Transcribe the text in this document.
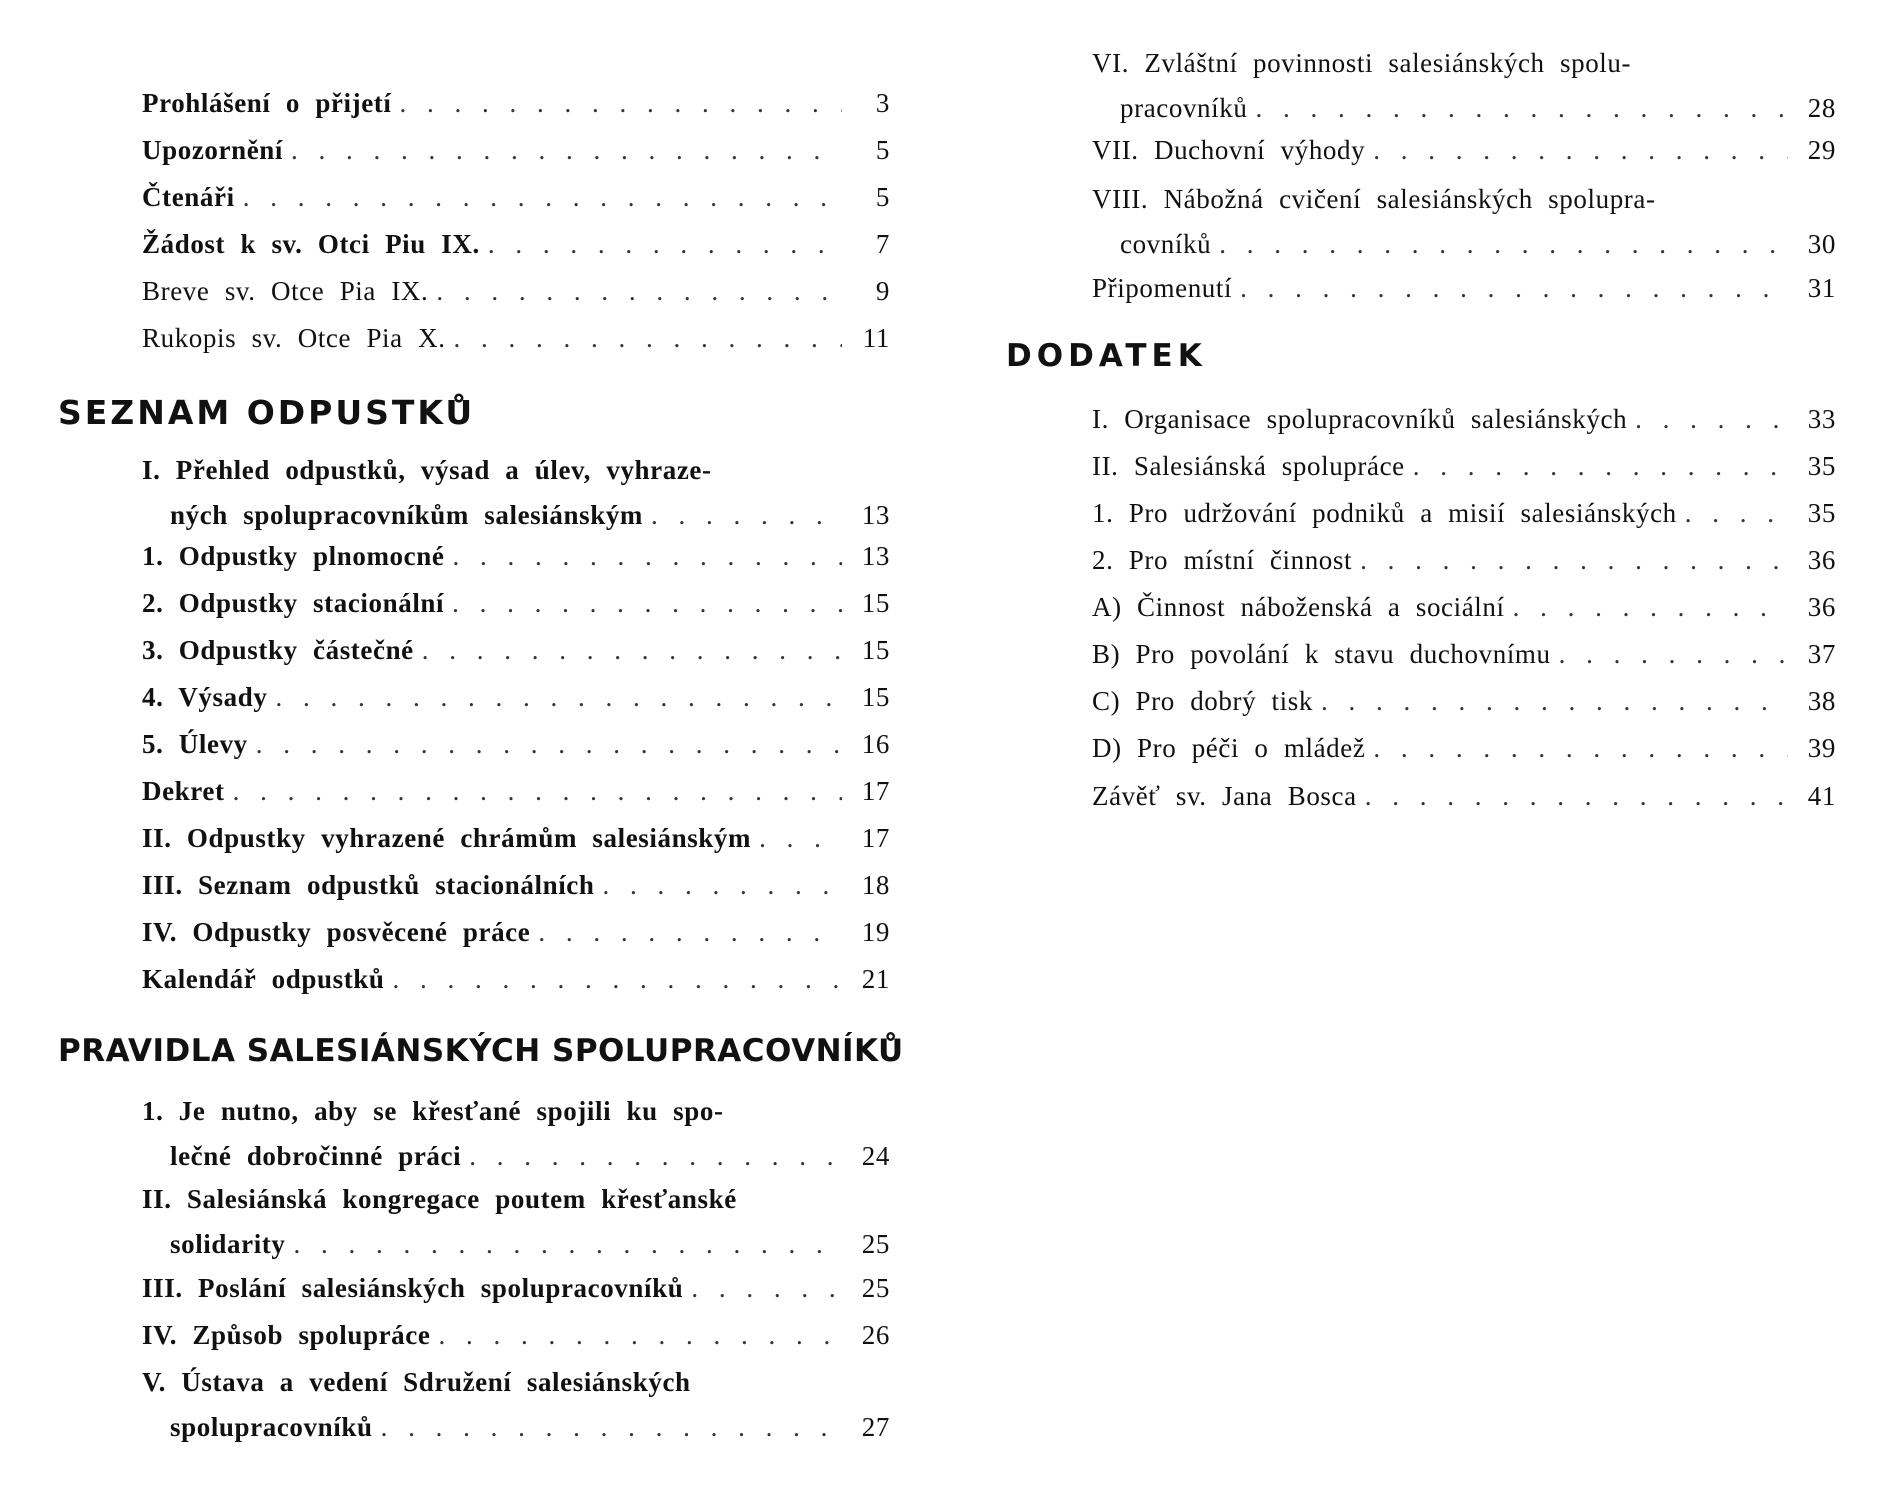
Prohlášení o přijetí . . .	3
Upozornění . . .	5
Čtenáři . . .	5
Žádost k sv. Otci Piu IX. . . .	7
Breve sv. Otce Pia IX. . . .	9
Rukopis sv. Otce Pia X. . . .	11
SEZNAM ODPUSTKŮ
I. Přehled odpustků, výsad a úlev, vyhraze-
ných spolupracovníkům salesiánským . . .	13
1. Odpustky plnomocné . . .	13
2. Odpustky stacionální . . .	15
3. Odpustky částečné . . .	15
4. Výsady . . .	15
5. Úlevy . . .	16
Dekret . . .	17
II. Odpustky vyhrazené chrámům salesiánským . . .	17
III. Seznam odpustků stacionálních . . .	18
IV. Odpustky posvěcené práce . . .	19
Kalendář odpustků . . .	21
PRAVIDLA SALESIÁNSKÝCH SPOLUPRACOVNÍKŮ
1. Je nutno, aby se křesťané spojili ku spo-
lečné dobročinné práci . . .	24
II. Salesiánská kongregace poutem křesťanské
solidarity . . .	25
III. Poslání salesiánských spolupracovníků . . .	25
IV. Způsob spolupráce . . .	26
V. Ústava a vedení Sdružení salesiánských
spolupracovníků . . .	27
VI. Zvláštní povinnosti salesiánských spolu-
pracovníků . . .	28
VII. Duchovní výhody . . .	29
VIII. Nábožná cvičení salesiánských spolupra-
covníků . . .	30
Připomenutí . . .	31
DODATEK
I. Organisace spolupracovníků salesiánských . . .	33
II. Salesiánská spolupráce . . .	35
1. Pro udržování podniků a misií salesiánských . . .	35
2. Pro místní činnost . . .	36
A) Činnost náboženská a sociální . . .	36
B) Pro povolání k stavu duchovnímu . . .	37
C) Pro dobrý tisk . . .	38
D) Pro péči o mládež . . .	39
Závěť sv. Jana Bosca . . .	41
